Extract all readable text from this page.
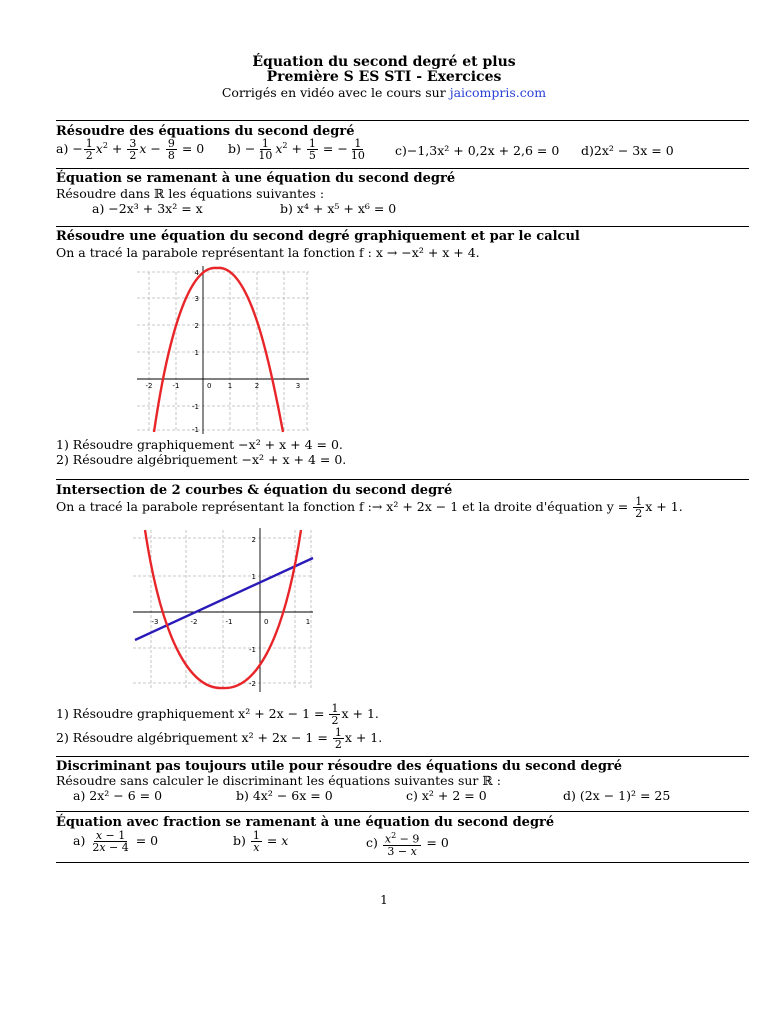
Équation du second degré et plus
Première S ES STI - Exercices
Corrigés en vidéo avec le cours sur jaicompris.com
Résoudre des équations du second degré
$a) - \frac{1}{2} x^2 + \frac{3}{2}$ $x - \frac{9}{8} = 0$ $b) - \frac{1}{10} x^2 + \frac{1}{5}$ = − $\frac{1}{10} c)-1,3x^2 + 0,2x + 2,6 = 0$ d)2x² − 3x = 0
Équation se ramenant à une équation du second degré
Résoudre dans ℝ les équations suivantes :
a) −2x³ + 3x² = x	b) x⁴ + x⁵ + x⁶ = 0
Résoudre une équation du second degré graphiquement et par le calcul
On a tracé la parabole représentant la fonction f : x → −x² + x + 4.
-2	-1	0 1	2	3
4
3
2
1
-1
-1
1) Résoudre graphiquement −x² + x + 4 = 0.
2) Résoudre algébriquement −x² + x + 4 = 0.
Intersection de 2 courbes & équation du second degré
On a tracé la parabole représentant la fonction f :→ x² + 2x − 1 et la droite d'équation $y = \frac{1}{2}$ x + 1.
-3	-2	-1	0	1
2
1
-1
-2
1) Résoudre graphiquement $x^2 + 2x - 1 = \frac{1}{2}$ x + 1.
2) Résoudre algébriquement $x^2 + 2x - 1 = \frac{1}{2}$ x + 1.
Discriminant pas toujours utile pour résoudre des équations du second degré
Résoudre sans calculer le discriminant les équations suivantes sur ℝ :
a) 2x² − 6 = 0	b) 4x² − 6x = 0	c) x² + 2 = 0	d) (2x − 1)² = 25
Équation avec fraction se ramenant à une équation du second degré
$a) \frac{x - 1}{2x - 4} = 0$	$b) \frac{1}{x} = x$	$c) \frac{x^2 - 9}{3 - x} = 0$
1
